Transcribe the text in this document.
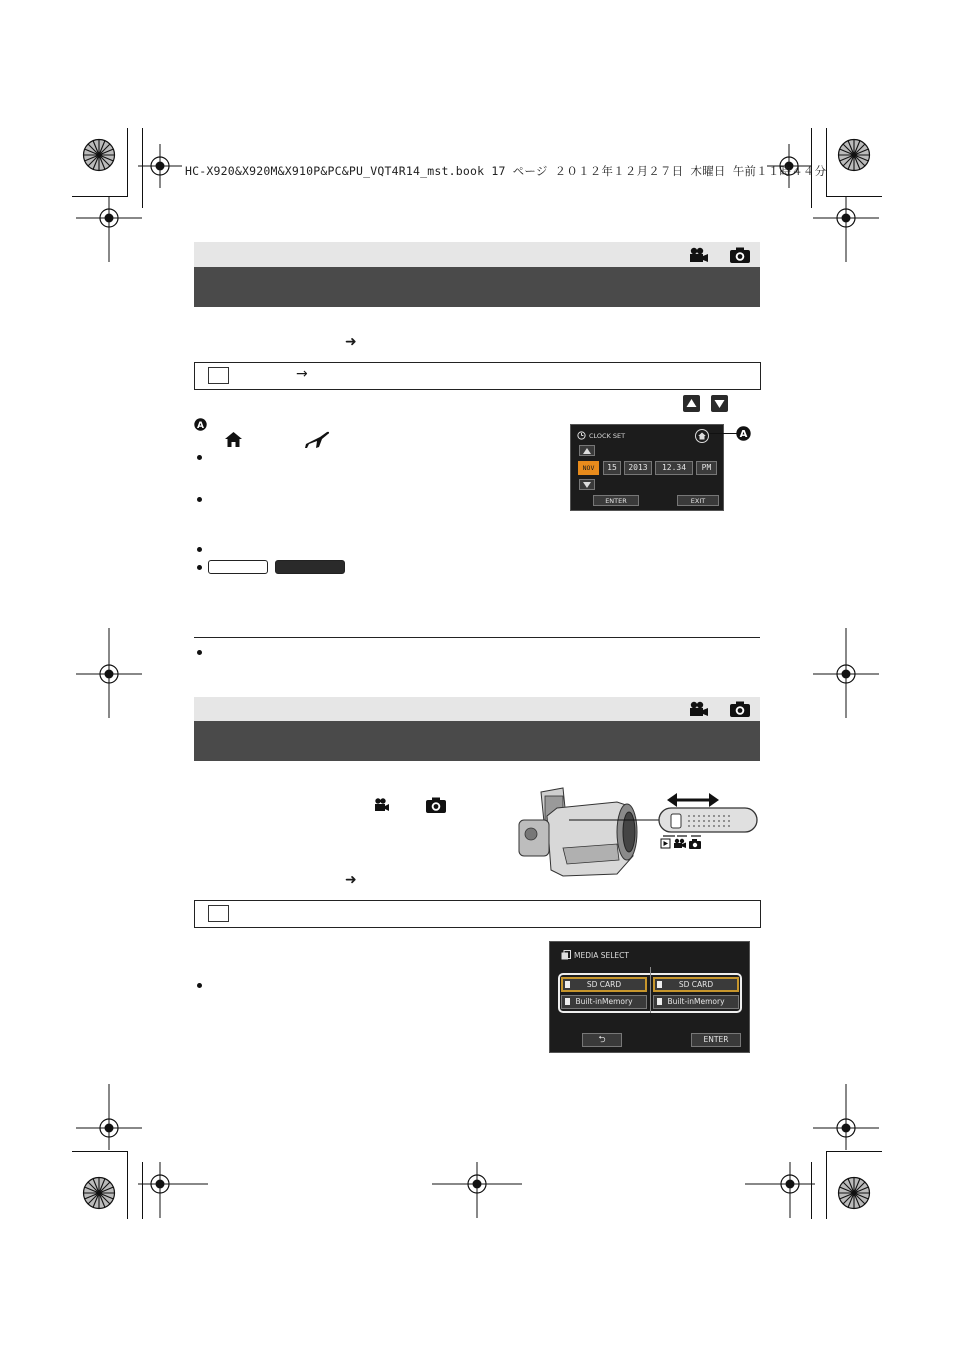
HC-X920&X920M&X910P&PC&PU_VQT4R14_mst.book 17 ページ ２０１２年１２月２７日 木曜日 午前１１時４４分
➜
→
A
CLOCK SET
NOV	15	2013	12.34	PM
ENTER	EXIT
A
➜
MEDIA SELECT
SD CARD
Built-inMemory
SD CARD
Built-inMemory
⮌	ENTER
